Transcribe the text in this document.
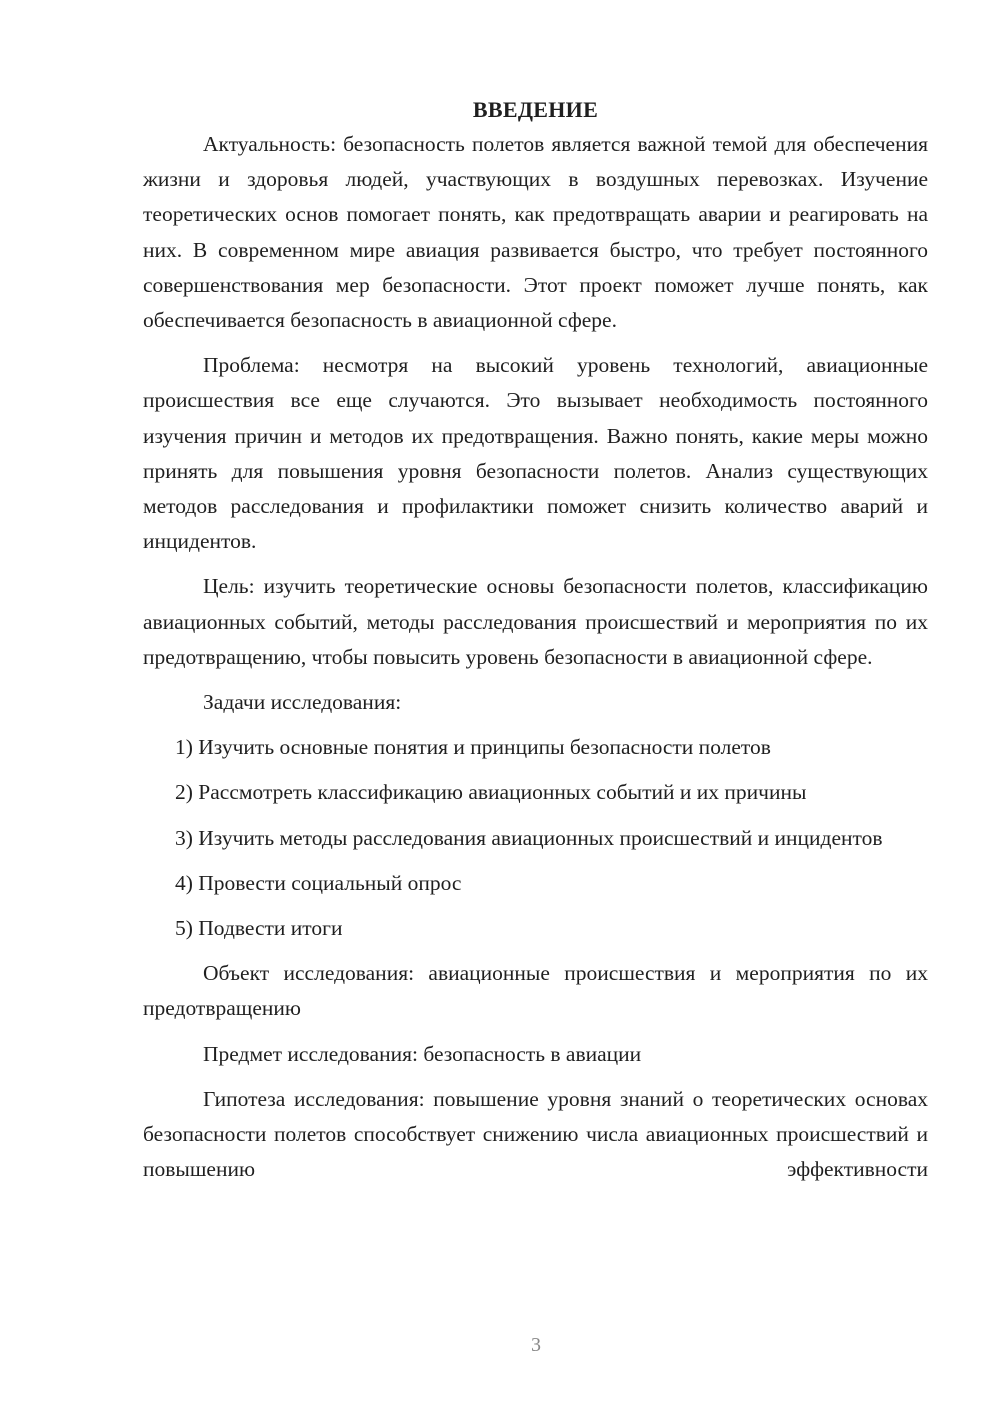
ВВЕДЕНИЕ

Актуальность: безопасность полетов является важной темой для обеспечения жизни и здоровья людей, участвующих в воздушных перевозках. Изучение теоретических основ помогает понять, как предотвращать аварии и реагировать на них. В современном мире авиация развивается быстро, что требует постоянного совершенствования мер безопасности. Этот проект поможет лучше понять, как обеспечивается безопасность в авиационной сфере.

Проблема: несмотря на высокий уровень технологий, авиационные происшествия все еще случаются. Это вызывает необходимость постоянного изучения причин и методов их предотвращения. Важно понять, какие меры можно принять для повышения уровня безопасности полетов. Анализ существующих методов расследования и профилактики поможет снизить количество аварий и инцидентов.

Цель: изучить теоретические основы безопасности полетов, классификацию авиационных событий, методы расследования происшествий и мероприятия по их предотвращению, чтобы повысить уровень безопасности в авиационной сфере.

Задачи исследования:

1) Изучить основные понятия и принципы безопасности полетов

2) Рассмотреть классификацию авиационных событий и их причины

3) Изучить методы расследования авиационных происшествий и инцидентов

4) Провести социальный опрос

5) Подвести итоги

Объект исследования: авиационные происшествия и мероприятия по их предотвращению

Предмет исследования: безопасность в авиации

Гипотеза исследования: повышение уровня знаний о теоретических основах безопасности полетов способствует снижению числа авиационных происшествий и повышению эффективности

3
